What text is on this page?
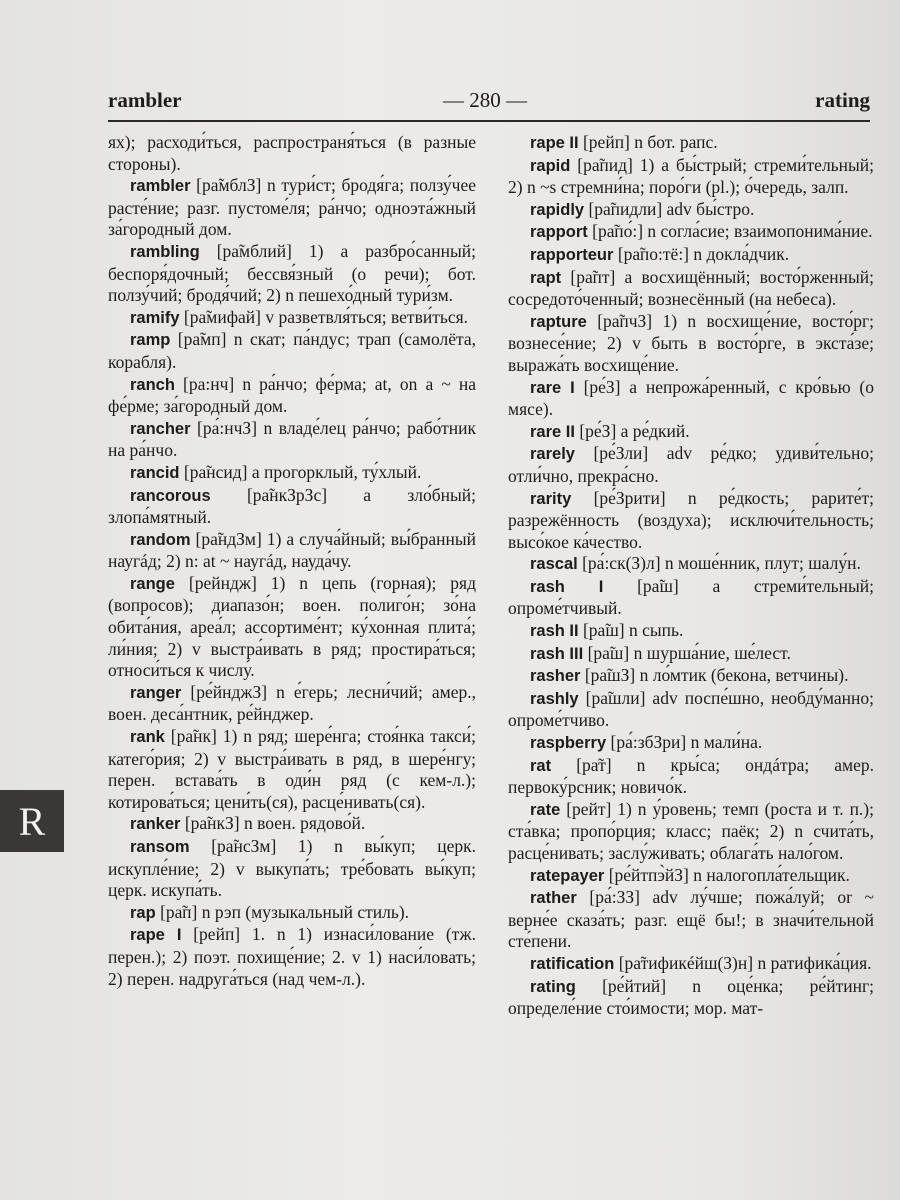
rambler	— 280 —	rating

ях); расходи́ться, распространя́ться (в разные стороны).

rambler [ра̃мблЗ] n тури́ст; бродя́га; ползу́чее расте́ние; разг. пустоме́ля; ра́нчо; одноэта́жный за́городный дом.

rambling [ра̃мблий] 1) a разбро́санный; беспоря́дочный; бессвя́зный (о речи); бот. ползу́чий; бродя́чий; 2) n пешехо́дный тури́зм.

ramify [ра̃мифай] v разветвля́ться; ветви́ться.

ramp [ра̃мп] n скат; па́ндус; трап (самолёта, корабля).

ranch [ра:нч] n ра́нчо; фе́рма; at, on a ~ на фе́рме; за́городный дом.

rancher [ра́:нчЗ] n владе́лец ра́нчо; рабо́тник на ра́нчо.

rancid [ра̃нсид] a прогорклый, ту́хлый.

rancorous [ра̃нкЗрЗс] a зло́бный; злопа́мятный.

random [ра̃ндЗм] 1) a случа́йный; вы́бранный наугáд; 2) n: at ~ наугáд, науда́чу.

range [рейндж] 1) n цепь (горная); ряд (вопросов); диапазо́н; воен. полиго́н; зо́на обита́ния, ареа́л; ассортиме́нт; ку́хонная плита́; ли́ния; 2) v выстра́ивать в ряд; простира́ться; относи́ться к числу́.

ranger [ре́йнджЗ] n е́герь; лесни́чий; амер., воен. деса́нтник, ре́йнджер.

rank [ра̃нк] 1) n ряд; шере́нга; стоя́нка такси́; катего́рия; 2) v выстра́ивать в ряд, в шере́нгу; перен. встава́ть в оди́н ряд (с кем-л.); котирова́ться; цени́ть(ся), расце́нивать(ся).

ranker [ра̃нкЗ] n воен. рядово́й.

ransom [ра̃нсЗм] 1) n вы́куп; церк. искупле́ние; 2) v выкупа́ть; тре́бовать вы́куп; церк. искупа́ть.

rap [ра̃п] n рэп (музыкальный стиль).

rape I [рейп] 1. n 1) изнаси́лование (тж. перен.); 2) поэт. похище́ние; 2. v 1) наси́ловать; 2) перен. надруга́ться (над чем-л.).

rape II [рейп] n бот. рапс.

rapid [ра̃пид] 1) a бы́стрый; стреми́тельный; 2) n ~s стремни́на; поро́ги (pl.); о́чередь, залп.

rapidly [ра̃пидли] adv бы́стро.

rapport [ра̃по́:] n согла́сие; взаимопонима́ние.

rapporteur [ра̃по:тё:] n докла́дчик.

rapt [ра̃пт] a восхищённый; восто́рженный; сосредото́ченный; вознесённый (на небеса).

rapture [ра̃пчЗ] 1) n восхище́ние, восто́рг; вознесе́ние; 2) v быть в восто́рге, в экста́зе; выража́ть восхище́ние.

rare I [ре́З] a непрожа́ренный, с кро́вью (о мясе).

rare II [ре́З] a ре́дкий.

rarely [ре́Зли] adv ре́дко; удиви́тельно; отли́чно, прекра́сно.

rarity [ре́Зрити] n ре́дкость; рарите́т; разрежённость (воздуха); исключи́тельность; высо́кое ка́чество.

rascal [ра́:ск(З)л] n моше́нник, плут; шалу́н.

rash I [ра̃ш] a стреми́тельный; опроме́тчивый.

rash II [ра̃ш] n сыпь.

rash III [ра̃ш] n шурша́ние, ше́лест.

rasher [ра̃шЗ] n ло́мтик (бекона, ветчины).

rashly [ра̃шли] adv поспе́шно, необду́манно; опроме́тчиво.

raspberry [ра́:збЗри] n мали́на.

rat [ра̃т] n кры́са; ондáтра; амер. первоку́рсник; новичо́к.

rate [рейт] 1) n у́ровень; темп (роста и т. п.); ста́вка; пропо́рция; класс; паёк; 2) n счита́ть, расце́нивать; заслу́живать; облага́ть нало́гом.

ratepayer [ре́йтпэ̀йЗ] n налогопла́тельщик.

rather [ра́:ЗЗ] adv лу́чше; пожа́луй; or ~ верне́е сказа́ть; разг. ещё бы!; в значи́тельной сте́пени.

ratification [ра̃тификéйш(З)н] n ратифика́ция.

rating [ре́йтий] n оце́нка; ре́йтинг; определе́ние сто́имости; мор. мат-

R
